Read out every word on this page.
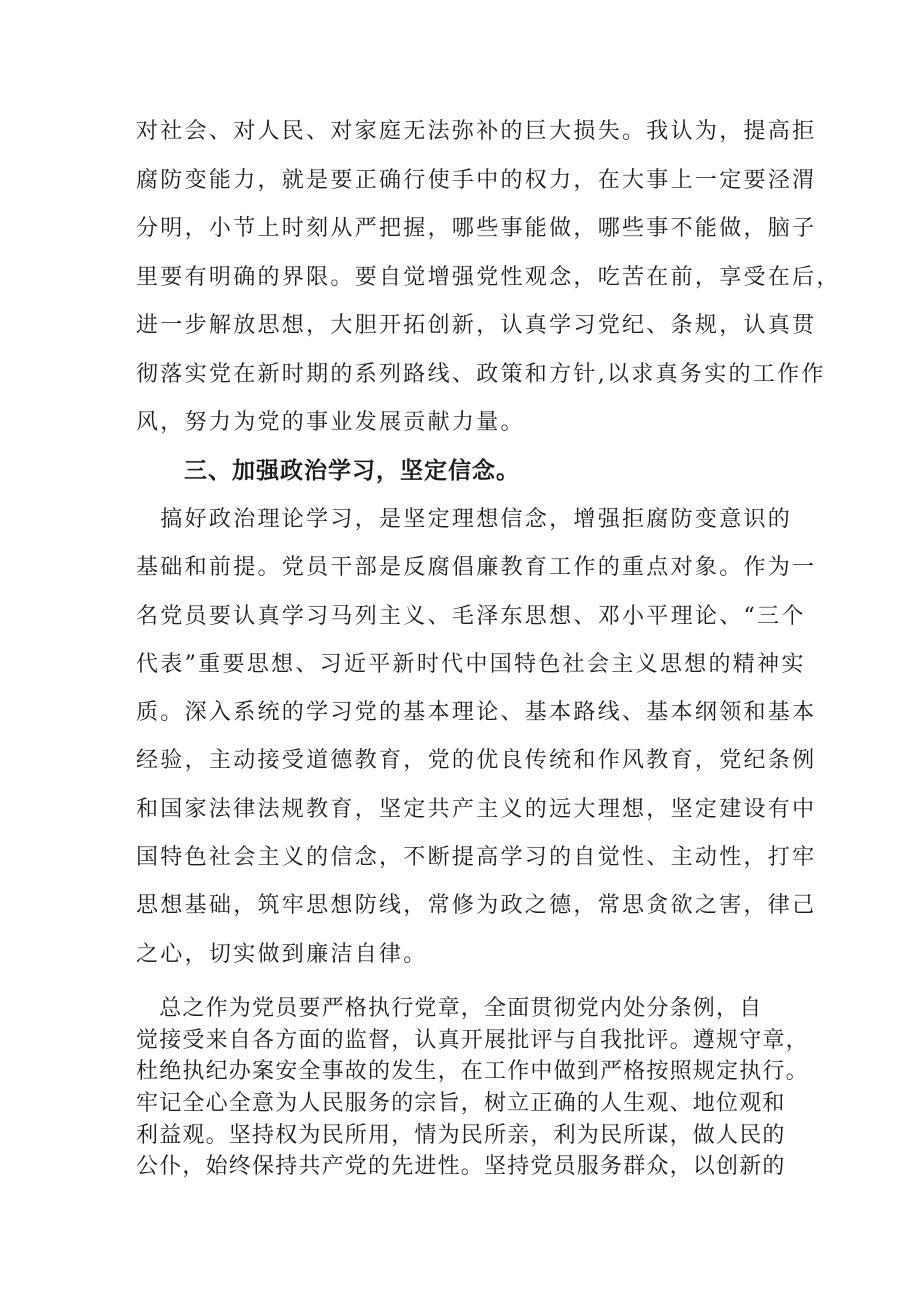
对社会、对人民、对家庭无法弥补的巨大损失。我认为，提高拒
腐防变能力，就是要正确行使手中的权力，在大事上一定要泾渭
分明，小节上时刻从严把握，哪些事能做，哪些事不能做，脑子
里要有明确的界限。要自觉增强党性观念，吃苦在前，享受在后，
进一步解放思想，大胆开拓创新，认真学习党纪、条规，认真贯
彻落实党在新时期的系列路线、政策和方针,以求真务实的工作作
风，努力为党的事业发展贡献力量。
三、加强政治学习，坚定信念。
　搞好政治理论学习，是坚定理想信念，增强拒腐防变意识的
基础和前提。党员干部是反腐倡廉教育工作的重点对象。作为一
名党员要认真学习马列主义、毛泽东思想、邓小平理论、“三个
代表”重要思想、习近平新时代中国特色社会主义思想的精神实
质。深入系统的学习党的基本理论、基本路线、基本纲领和基本
经验，主动接受道德教育，党的优良传统和作风教育，党纪条例
和国家法律法规教育，坚定共产主义的远大理想，坚定建设有中
国特色社会主义的信念，不断提高学习的自觉性、主动性，打牢
思想基础，筑牢思想防线，常修为政之德，常思贪欲之害，律己
之心，切实做到廉洁自律。
　总之作为党员要严格执行党章，全面贯彻党内处分条例，自
觉接受来自各方面的监督，认真开展批评与自我批评。遵规守章，
杜绝执纪办案安全事故的发生，在工作中做到严格按照规定执行。
牢记全心全意为人民服务的宗旨，树立正确的人生观、地位观和
利益观。坚持权为民所用，情为民所亲，利为民所谋，做人民的
公仆，始终保持共产党的先进性。坚持党员服务群众，以创新的
